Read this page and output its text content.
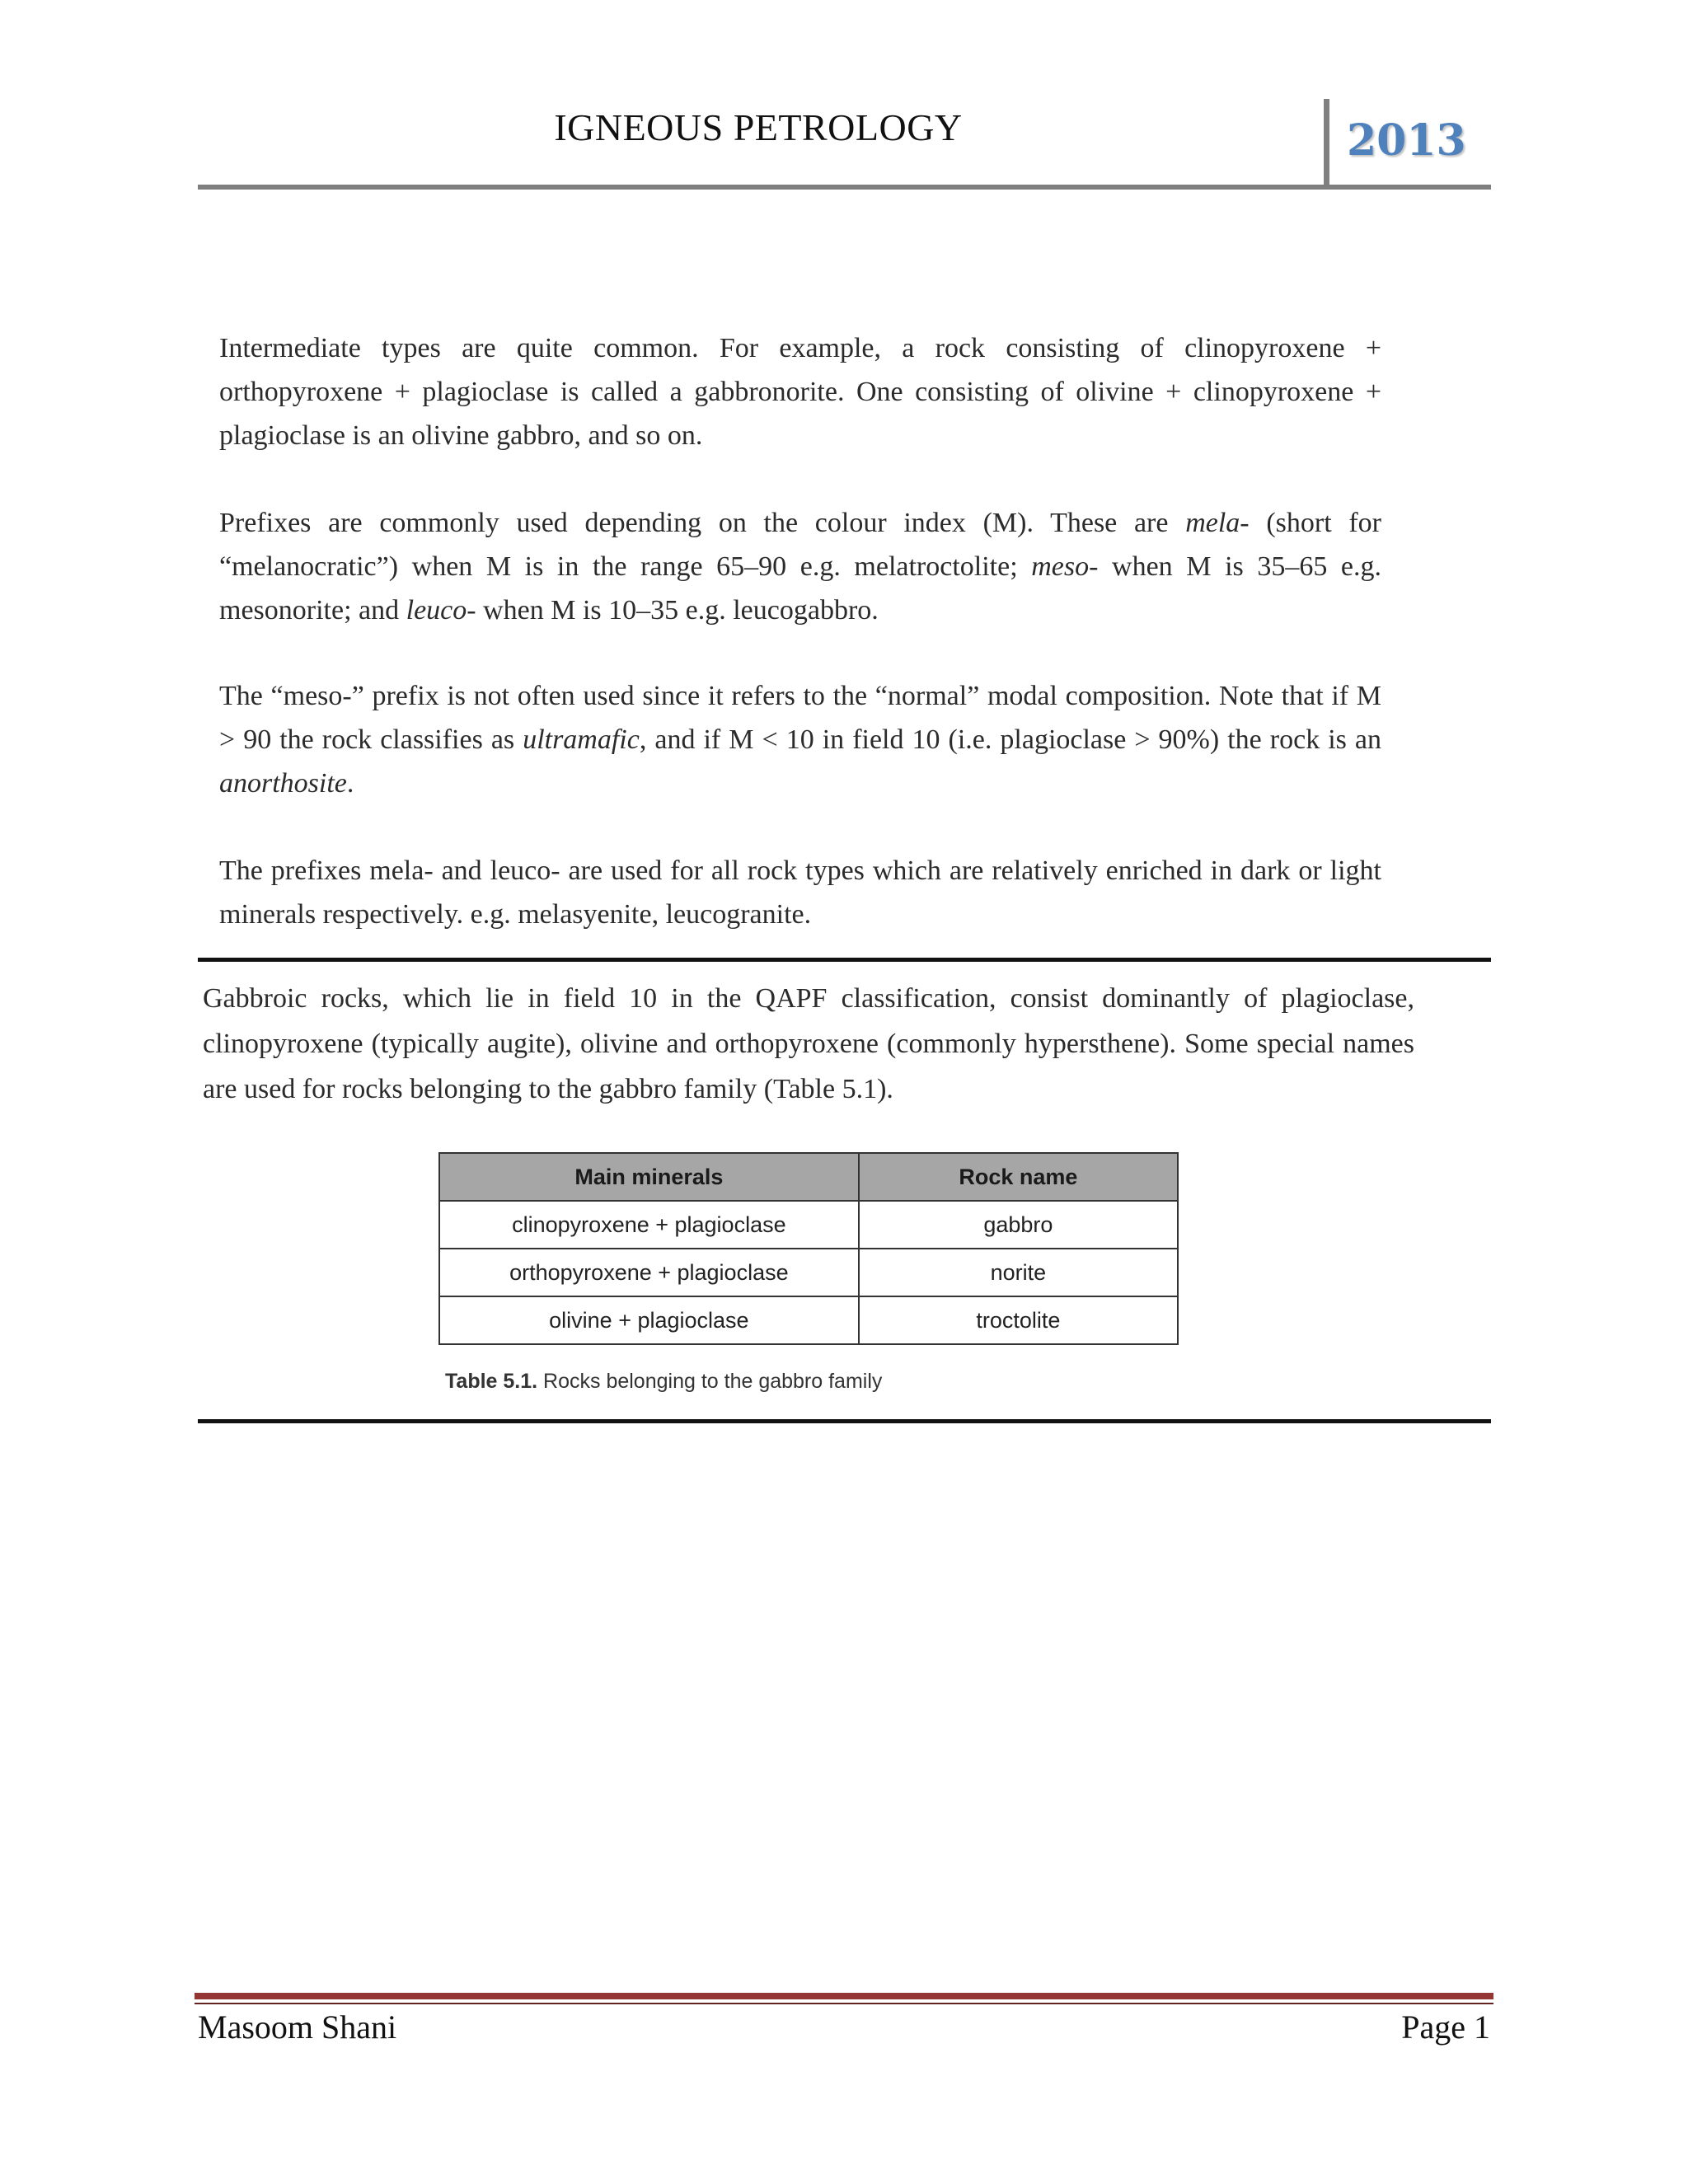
IGNEOUS PETROLOGY	2013

Intermediate types are quite common. For example, a rock consisting of clinopyroxene + orthopyroxene + plagioclase is called a gabbronorite. One consisting of olivine + clinopyroxene + plagioclase is an olivine gabbro, and so on.

Prefixes are commonly used depending on the colour index (M). These are mela- (short for “melanocratic”) when M is in the range 65–90 e.g. melatroctolite; meso- when M is 35–65 e.g. mesonorite; and leuco- when M is 10–35 e.g. leucogabbro.

The “meso-” prefix is not often used since it refers to the “normal” modal composition. Note that if M > 90 the rock classifies as ultramafic, and if M < 10 in field 10 (i.e. plagioclase > 90%) the rock is an anorthosite.

The prefixes mela- and leuco- are used for all rock types which are relatively enriched in dark or light minerals respectively. e.g. melasyenite, leucogranite.

Gabbroic rocks, which lie in field 10 in the QAPF classification, consist dominantly of plagioclase, clinopyroxene (typically augite), olivine and orthopyroxene (commonly hypersthene). Some special names are used for rocks belonging to the gabbro family (Table 5.1).

Main minerals	Rock name
clinopyroxene + plagioclase	gabbro
orthopyroxene + plagioclase	norite
olivine + plagioclase	troctolite

Table 5.1. Rocks belonging to the gabbro family

Masoom Shani	Page 1
